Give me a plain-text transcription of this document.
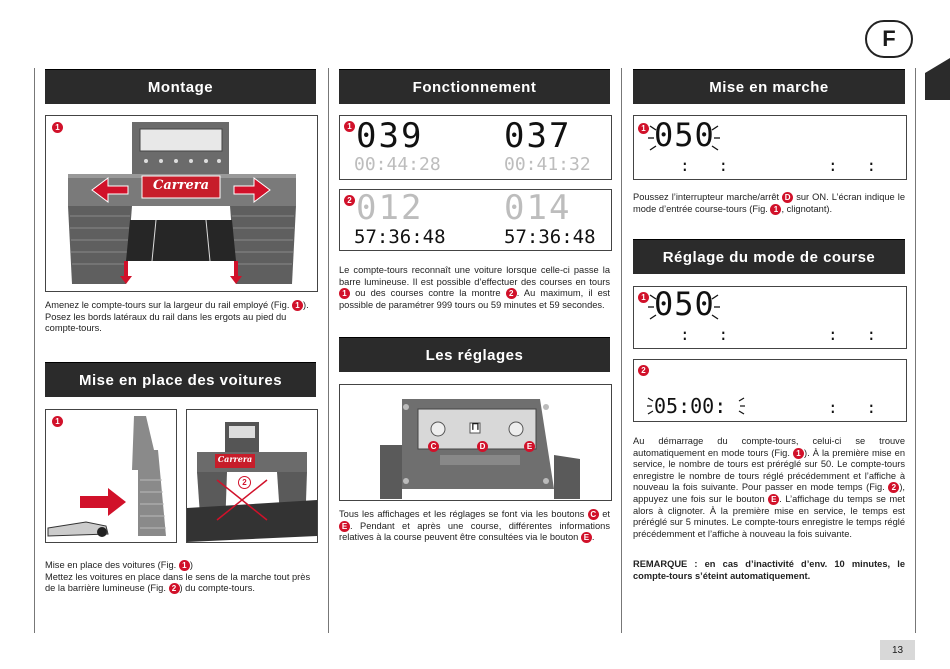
F
Montage
1
Carrera

Amenez le compte-tours sur la largeur du rail employé (Fig. 1 ). Posez les bords latéraux du rail dans les ergots au pied du compte-tours.

Mise en place des voitures
1
Carrera
2

Mise en place des voitures (Fig. 1 )

Mettez les voitures en place dans le sens de la marche tout près de la barrière lumineuse (Fig. 2 ) du compte-tours.

Fonctionnement
1 039 037
00:44:28	00:41:32
2 012 014
57:36:48	57:36:48

Le compte-tours reconnaît une voiture lorsque celle-ci passe la barre lumineuse. Il est possible d’effectuer des courses en tours 1 ou des courses contre la montre 2 . Au maximum, il est possible de paramétrer 999 tours ou 59 minutes et 59 secondes.

Les réglages
⊓
C	D	E

Tous les affichages et les réglages se font via les boutons C et E . Pendant et après une course, différentes informations relatives à la course peuvent être consultées via le bouton E .

Mise en marche
1 050
:   :	:   :

Poussez l’interrupteur marche/arrêt D sur ON. L’écran indique le mode d’entrée course-tours (Fig. 1 , clignotant).

Réglage du mode de course
1 050
:   :	:   :
2
05:00:	:   :

Au démarrage du compte-tours, celui-ci se trouve automatiquement en mode tours (Fig. 1 ). À la première mise en service, le nombre de tours est préréglé sur 50. Le compte-tours enregistre le nombre de tours réglé précédemment et l’affiche à nouveau la fois suivante. Pour passer en mode temps (Fig. 2 ), appuyez une fois sur le bouton E . L’affichage du temps se met alors à clignoter. À la première mise en service, le temps est préréglé sur 5 minutes. Le compte-tours enregistre le temps réglé précédemment et l’affiche à nouveau la fois suivante.

REMARQUE : en cas d’inactivité d’env. 10 minutes, le compte-tours s’éteint automatiquement.
13
